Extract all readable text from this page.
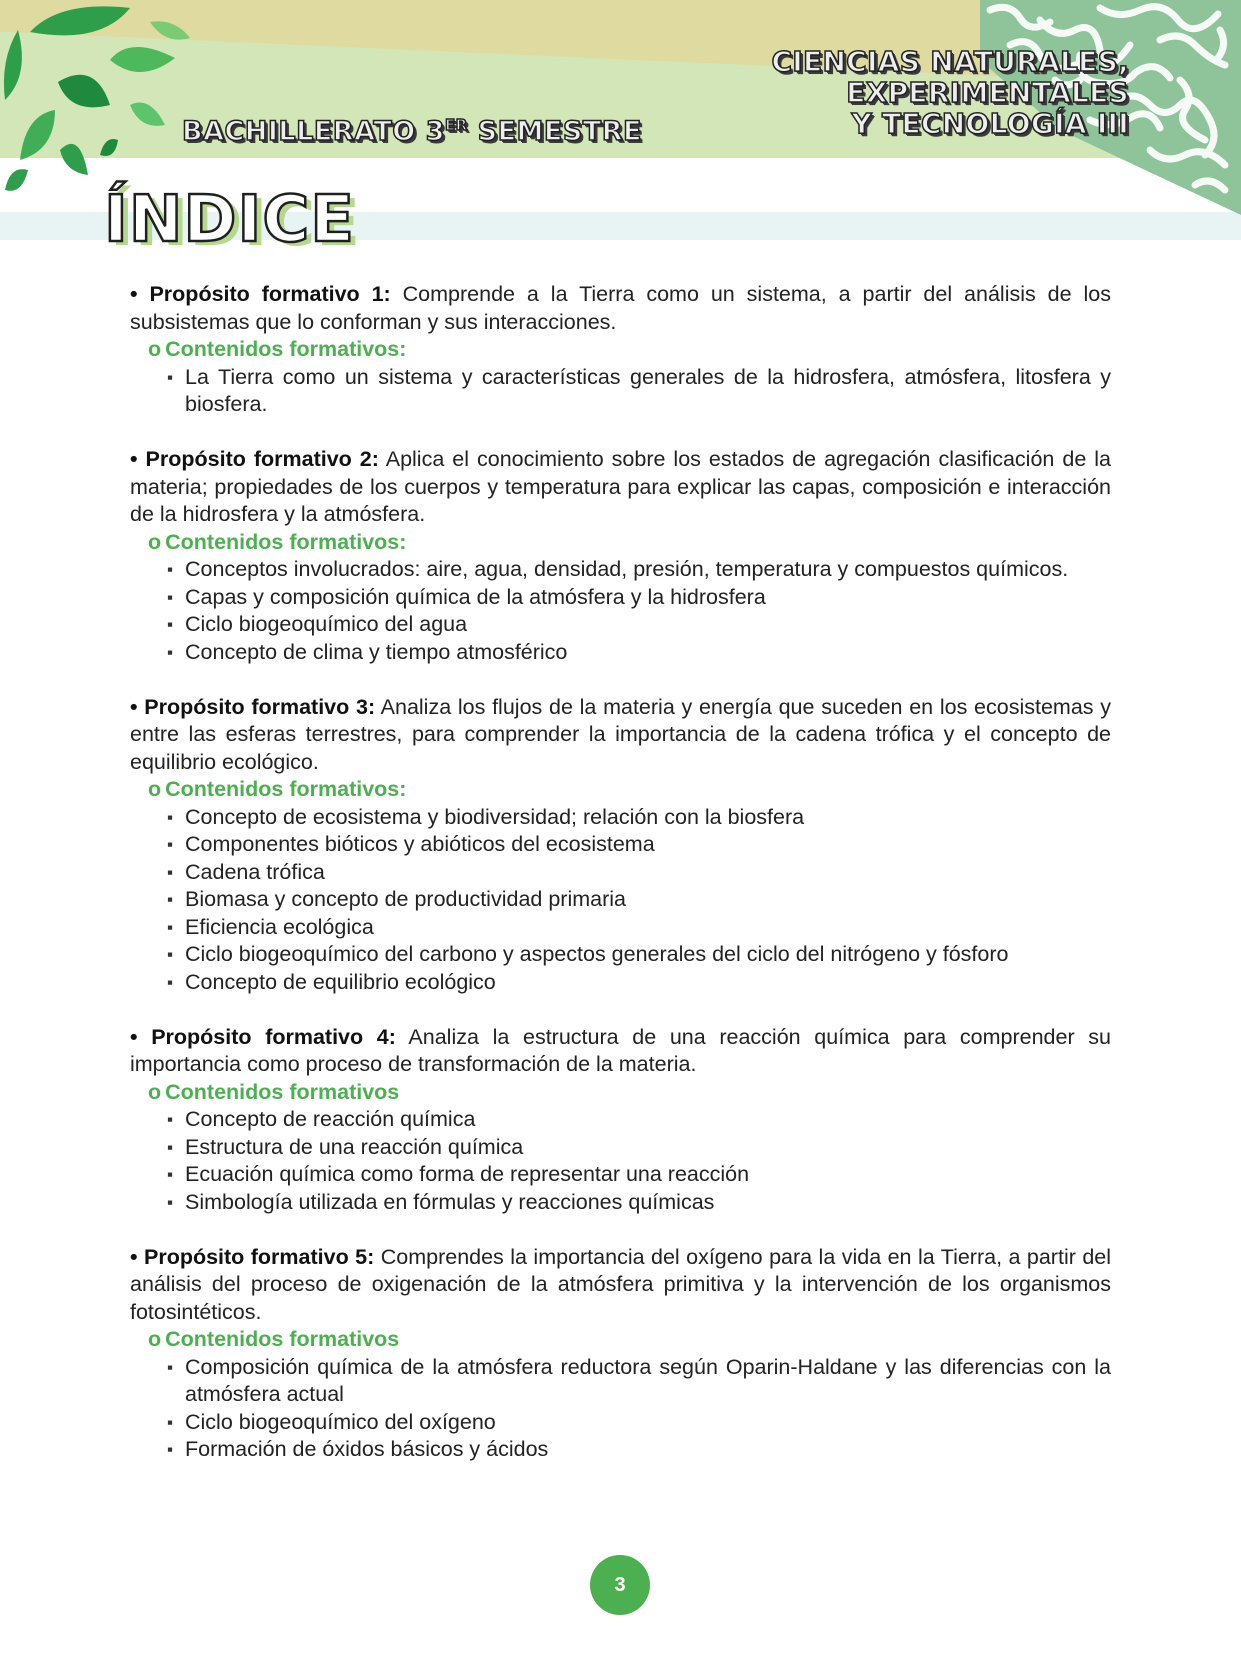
BACHILLERATO 3ER SEMESTRE

CIENCIAS NATURALES,
EXPERIMENTALES
Y TECNOLOGÍA III

ÍNDICE

• Propósito formativo 1: Comprende a la Tierra como un sistema, a partir del análisis de los subsistemas que lo conforman y sus interacciones.

o Contenidos formativos:

▪ La Tierra como un sistema y características generales de la hidrosfera, atmósfera, litosfera y biosfera.

• Propósito formativo 2: Aplica el conocimiento sobre los estados de agregación clasificación de la materia; propiedades de los cuerpos y temperatura para explicar las capas, composición e interacción de la hidrosfera y la atmósfera.

o Contenidos formativos:

▪ Conceptos involucrados: aire, agua, densidad, presión, temperatura y compuestos químicos.
▪ Capas y composición química de la atmósfera y la hidrosfera
▪ Ciclo biogeoquímico del agua
▪ Concepto de clima y tiempo atmosférico

• Propósito formativo 3: Analiza los flujos de la materia y energía que suceden en los ecosistemas y entre las esferas terrestres, para comprender la importancia de la cadena trófica y el concepto de equilibrio ecológico.

o Contenidos formativos:

▪ Concepto de ecosistema y biodiversidad; relación con la biosfera
▪ Componentes bióticos y abióticos del ecosistema
▪ Cadena trófica
▪ Biomasa y concepto de productividad primaria
▪ Eficiencia ecológica
▪ Ciclo biogeoquímico del carbono y aspectos generales del ciclo del nitrógeno y fósforo
▪ Concepto de equilibrio ecológico

• Propósito formativo 4: Analiza la estructura de una reacción química para comprender su importancia como proceso de transformación de la materia.

o Contenidos formativos

▪ Concepto de reacción química
▪ Estructura de una reacción química
▪ Ecuación química como forma de representar una reacción
▪ Simbología utilizada en fórmulas y reacciones químicas

• Propósito formativo 5: Comprendes la importancia del oxígeno para la vida en la Tierra, a partir del análisis del proceso de oxigenación de la atmósfera primitiva y la intervención de los organismos fotosintéticos.

o Contenidos formativos

▪ Composición química de la atmósfera reductora según Oparin-Haldane y las diferencias con la atmósfera actual
▪ Ciclo biogeoquímico del oxígeno
▪ Formación de óxidos básicos y ácidos
3
